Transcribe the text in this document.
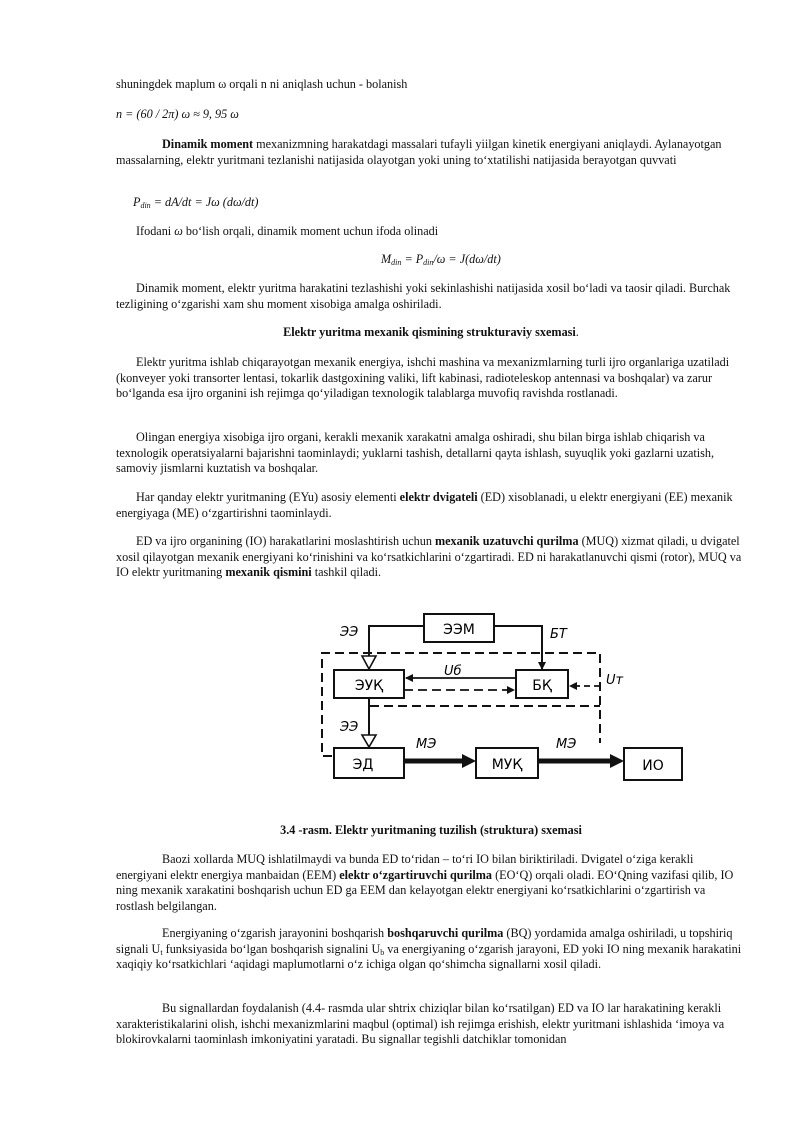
shuningdek maplum ω orqali n ni aniqlash uchun - bolanish

n = (60 / 2π) ω ≈ 9, 95 ω

Dinamik moment mexanizmning harakatdagi massalari tufayli yiilgan kinetik energiyani aniqlaydi. Aylanayotgan massalarning, elektr yuritmani tezlanishi natijasida olayotgan yoki uning toʻxtatilishi natijasida berayotgan quvvati

$P_{din} = dA/dt = J\omega$ (dω/dt)

Ifodani ω boʻlish orqali, dinamik moment uchun ifoda olinadi

$M_{din} = P_{din}/\omega = J(d\omega/dt)$

Dinamik moment, elektr yuritma harakatini tezlashishi yoki sekinlashishi natijasida xosil boʻladi va taosir qiladi. Burchak tezligining oʻzgarishi xam shu moment xisobiga amalga oshiriladi.

Elektr yuritma mexanik qismining strukturaviy sxemasi.

Elektr yuritma ishlab chiqarayotgan mexanik energiya, ishchi mashina va mexanizmlarning turli ijro organlariga uzatiladi (konveyer yoki transorter lentasi, tokarlik dastgoxining valiki, lift kabinasi, radioteleskop antennasi va boshqalar) va zarur boʻlganda esa ijro organini ish rejimga qoʻyiladigan texnologik talablarga muvofiq ravishda rostlanadi.

Olingan energiya xisobiga ijro organi, kerakli mexanik xarakatni amalga oshiradi, shu bilan birga ishlab chiqarish va texnologik operatsiyalarni bajarishni taominlaydi; yuklarni tashish, detallarni qayta ishlash, suyuqlik yoki gazlarni uzatish, samoviy jismlarni kuztatish va boshqalar.

Har qanday elektr yuritmaning (EYu) asosiy elementi elektr dvigateli (ED) xisoblanadi, u elektr energiyani (EE) mexanik energiyaga (ME) oʻzgartirishni taominlaydi.

ED va ijro organining (IO) harakatlarini moslashtirish uchun mexanik uzatuvchi qurilma (MUQ) xizmat qiladi, u dvigatel xosil qilayotgan mexanik energiyani koʻrinishini va koʻrsatkichlarini oʻzgartiradi. ED ni harakatlanuvchi qismi (rotor), MUQ va IO elektr yuritmaning mexanik qismini tashkil qiladi.

ЭЭМ
ЭУҚ	БҚ
ЭД	МУҚ	ИО
ЭЭ	БТ
Uб
Uт
ЭЭ
МЭ	МЭ

3.4 -rasm. Elektr yuritmaning tuzilish (struktura) sxemasi

Baozi xollarda MUQ ishlatilmaydi va bunda ED toʻridan – toʻri IO bilan biriktiriladi. Dvigatel oʻziga kerakli energiyani elektr energiya manbaidan (EEM) elektr oʻzgartiruvchi qurilma (EOʻQ) orqali oladi. EOʻQning vazifasi qilib, IO ning mexanik xarakatini boshqarish uchun ED ga EEM dan kelayotgan elektr energiyani koʻrsatkichlarini oʻzgartirish va rostlash belgilangan.

Energiyaning oʻzgarish jarayonini boshqarish boshqaruvchi qurilma (BQ) yordamida amalga oshiriladi, u topshiriq signali $U_t$ funksiyasida boʻlgan boshqarish signalini $U_b$ va energiyaning oʻzgarish jarayoni, ED yoki IO ning mexanik harakatini xaqiqiy koʻrsatkichlari ʻaqidagi maplumotlarni oʻz ichiga olgan qoʻshimcha signallarni xosil qiladi.

Bu signallardan foydalanish (4.4- rasmda ular shtrix chiziqlar bilan koʻrsatilgan) ED va IO lar harakatining kerakli xarakteristikalarini olish, ishchi mexanizmlarini maqbul (optimal) ish rejimga erishish, elektr yuritmani ishlashida ʻimoya va blokirovkalarni taominlash imkoniyatini yaratadi. Bu signallar tegishli datchiklar tomonidan
